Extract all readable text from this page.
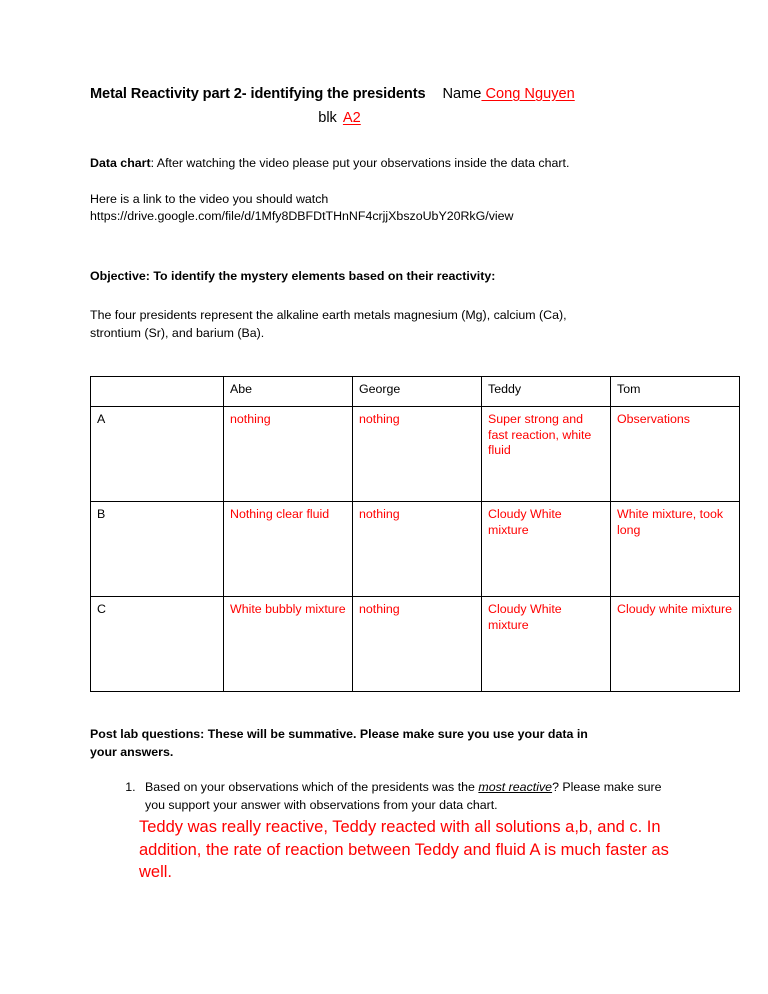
Metal Reactivity part 2- identifying the presidents Name Cong Nguyen
blk A2

Data chart: After watching the video please put your observations inside the data chart.

Here is a link to the video you should watch

https://drive.google.com/file/d/1Mfy8DBFDtTHnNF4crjjXbszoUbY20RkG/view

Objective: To identify the mystery elements based on their reactivity:

The four presidents represent the alkaline earth metals magnesium (Mg), calcium (Ca),

strontium (Sr), and barium (Ba).

	Abe	George	Teddy	Tom
A	nothing	nothing	Super strong and fast reaction, white fluid	Observations
B	Nothing clear fluid	nothing	Cloudy White mixture	White mixture, took long
C	White bubbly mixture	nothing	Cloudy White mixture	Cloudy white mixture

Post lab questions: These will be summative. Please make sure you use your data in

your answers.

1. Based on your observations which of the presidents was the most reactive? Please make sure you support your answer with observations from your data chart.
Teddy was really reactive, Teddy reacted with all solutions a,b, and c. In addition, the rate of reaction between Teddy and fluid A is much faster as well.
